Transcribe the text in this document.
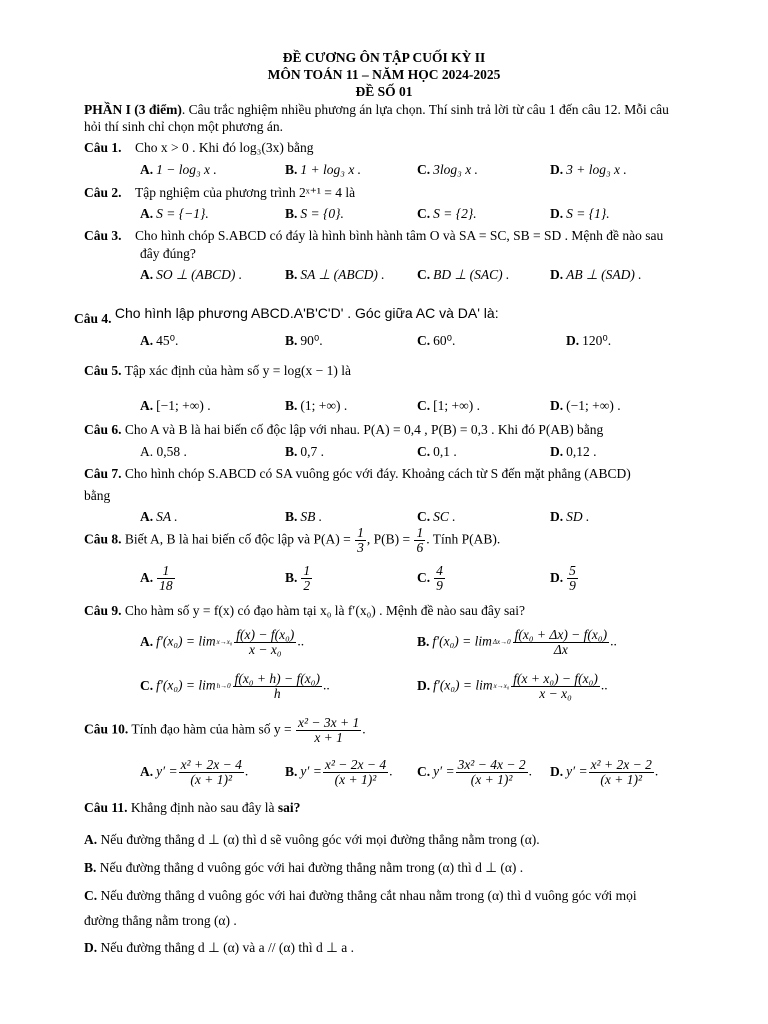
ĐỀ CƯƠNG ÔN TẬP CUỐI KỲ II
MÔN TOÁN 11 – NĂM HỌC 2024-2025
ĐỀ SỐ 01
PHẦN I (3 điểm). Câu trắc nghiệm nhiều phương án lựa chọn. Thí sinh trả lời từ câu 1 đến câu 12. Mỗi câu
hỏi thí sinh chỉ chọn một phương án.
Câu 1. Cho x > 0 . Khi đó log₃(3x) bằng
A. 1 − log₃ x .	B. 1 + log₃ x .	C. 3log₃ x .	D. 3 + log₃ x .
Câu 2. Tập nghiệm của phương trình 2ˣ⁺¹ = 4 là
A. S = {−1}.	B. S = {0}.	C. S = {2}.	D. S = {1}.
Câu 3. Cho hình chóp S.ABCD có đáy là hình bình hành tâm O và SA = SC, SB = SD . Mệnh đề nào sau
đây đúng?
A. SO ⊥ (ABCD) .	B. SA ⊥ (ABCD) . C. BD ⊥ (SAC) .	D. AB ⊥ (SAD) .
Câu 4. Cho hình lập phương ABCD.A'B'C'D' . Góc giữa AC và DA' là:
A. 45⁰.	B. 90⁰.	C. 60⁰.	D. 120⁰.
Câu 5. Tập xác định của hàm số y = log(x − 1) là
A. [−1; +∞) .	B. (1; +∞) .	C. [1; +∞) .	D. (−1; +∞) .
Câu 6. Cho A và B là hai biến cố độc lập với nhau. P(A) = 0,4 , P(B) = 0,3 . Khi đó P(AB) bằng
A. 0,58 .	B. 0,7 .	C. 0,1 .	D. 0,12 .
Câu 7. Cho hình chóp S.ABCD có SA vuông góc với đáy. Khoảng cách từ S đến mặt phẳng (ABCD)
bằng
A. SA .	B. SB .	C. SC .	D. SD .
Câu 8. Biết A, B là hai biến cố độc lập và $P(A) = \frac{1}{3}$ , $P(B) = \frac{1}{6}$ . Tính P(AB).
A. $\frac{1}{18}$	B. $\frac{1}{2}$	C. $\frac{4}{9}$	D. $\frac{5}{9}$
Câu 9. Cho hàm số y = f(x) có đạo hàm tại x₀ là f′(x₀) . Mệnh đề nào sau đây sai?
A. $f'(x_0) = \lim x\to x_0 \frac{\text{f(x) − f(x₀)}}{\text{x − x₀}}$ ..	B. $f'(x_0) = \lim \Delta x\to 0 \frac{\text{f(x₀ + Δx) − f(x₀)}}{\Delta x}$ ..
C. $f'(x_0) = \lim h\to 0 \frac{\text{f(x₀ + h) − f(x₀)}}{h}$ ..	D. $f'(x_0) = \lim x\to x_0 \frac{\text{f(x + x₀) − f(x₀)}}{\text{x − x₀}}$ ..
Câu 10. Tính đạo hàm của hàm số $y = \frac{\text{x² − 3x + 1}}{x + 1}$ .
A. $y' = \frac{\text{x² + 2x − 4}}{\text{(x + 1)²}}$ .	B. $y' = \frac{\text{x² − 2x − 4}}{\text{(x + 1)²}}$ . C. $y' = \frac{\text{3x² − 4x − 2}}{\text{(x + 1)²}}$ . D. $y' = \frac{\text{x² + 2x − 2}}{\text{(x + 1)²}}$ .
Câu 11. Khẳng định nào sau đây là sai?
A. Nếu đường thẳng d ⊥ (α) thì d sẽ vuông góc với mọi đường thẳng nằm trong (α).
B. Nếu đường thẳng d vuông góc với hai đường thẳng nằm trong (α) thì d ⊥ (α) .
C. Nếu đường thẳng d vuông góc với hai đường thẳng cắt nhau nằm trong (α) thì d vuông góc với mọi
đường thẳng nằm trong (α) .
D. Nếu đường thẳng d ⊥ (α) và a // (α) thì d ⊥ a .
